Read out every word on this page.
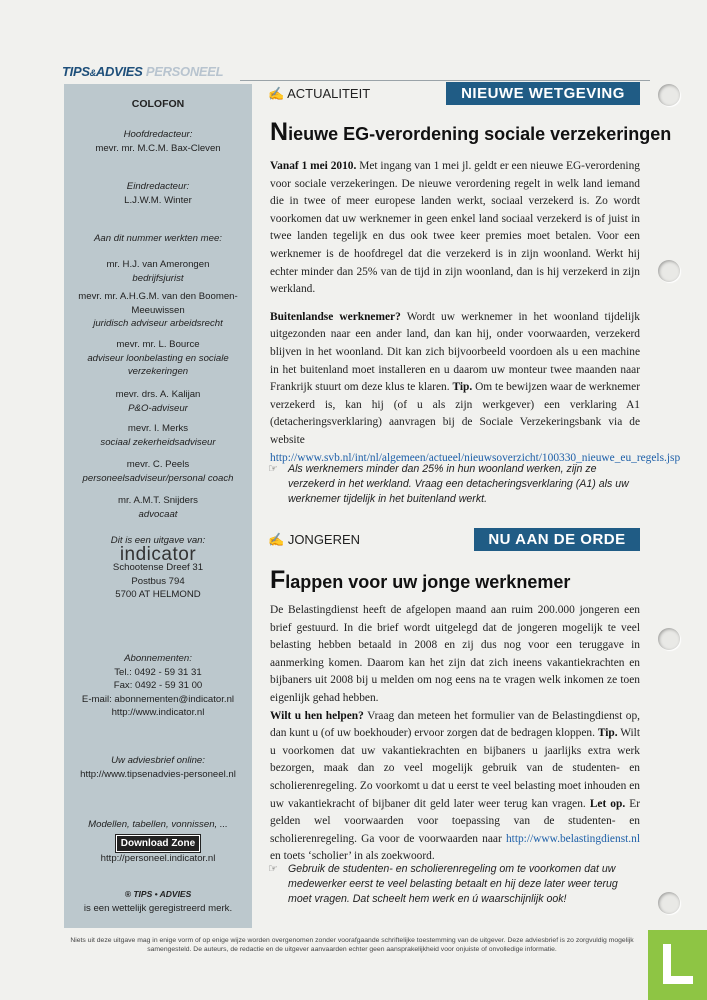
TIPS&ADVIES PERSONEEL
COLOFON
Hoofdredacteur:
mevr. mr. M.C.M. Bax-Cleven
Eindredacteur:
L.J.W.M. Winter
Aan dit nummer werkten mee:
mr. H.J. van Amerongen
bedrijfsjurist
mevr. mr. A.H.G.M. van den Boomen-Meeuwissen
juridisch adviseur arbeidsrecht
mevr. mr. L. Bource
adviseur loonbelasting en sociale verzekeringen
mevr. drs. A. Kalijan
P&O-adviseur
mevr. I. Merks
sociaal zekerheidsadviseur
mevr. C. Peels
personeelsadviseur/personal coach
mr. A.M.T. Snijders
advocaat
Dit is een uitgave van:
indicator
Schootense Dreef 31
Postbus 794
5700 AT HELMOND
Abonnementen:
Tel.: 0492 - 59 31 31
Fax: 0492 - 59 31 00
E-mail: abonnementen@indicator.nl
http://www.indicator.nl
Uw adviesbrief online:
http://www.tipsenadvies-personeel.nl
Modellen, tabellen, vonnissen, ...
Download Zone
http://personeel.indicator.nl
® TIPS • ADVIES
is een wettelijk geregistreerd merk.
✍ ACTUALITEIT	NIEUWE WETGEVING
Nieuwe EG-verordening sociale verzekeringen

Vanaf 1 mei 2010. Met ingang van 1 mei jl. geldt er een nieuwe EG-verordening voor sociale verzekeringen. De nieuwe verordening regelt in welk land iemand die in twee of meer europese landen werkt, sociaal verzekerd is. Zo wordt voorkomen dat uw werknemer in geen enkel land sociaal verzekerd is of juist in twee landen tegelijk en dus ook twee keer premies moet betalen. Voor een werknemer is de hoofdregel dat die verzekerd is in zijn woonland. Werkt hij echter minder dan 25% van de tijd in zijn woonland, dan is hij verzekerd in zijn werkland.

Buitenlandse werknemer? Wordt uw werknemer in het woonland tijdelijk uitgezonden naar een ander land, dan kan hij, onder voorwaarden, verzekerd blijven in het woonland. Dit kan zich bijvoorbeeld voordoen als u een machine in het buitenland moet installeren en u daarom uw monteur twee maanden naar Frankrijk stuurt om deze klus te klaren. Tip. Om te bewijzen waar de werknemer verzekerd is, kan hij (of u als zijn werkgever) een verklaring A1 (detacheringsverklaring) aanvragen bij de Sociale Verzekeringsbank via de website http://www.svb.nl/int/nl/algemeen/actueel/nieuwsoverzicht/100330_nieuwe_eu_regels.jsp

☞ Als werknemers minder dan 25% in hun woonland werken, zijn ze verzekerd in het werkland. Vraag een detacheringsverklaring (A1) als uw werknemer tijdelijk in het buitenland werkt.
✍ JONGEREN	NU AAN DE ORDE
Flappen voor uw jonge werknemer

De Belastingdienst heeft de afgelopen maand aan ruim 200.000 jongeren een brief gestuurd. In die brief wordt uitgelegd dat de jongeren mogelijk te veel belasting hebben betaald in 2008 en zij dus nog voor een teruggave in aanmerking komen. Daarom kan het zijn dat zich ineens vakantiekrachten en bijbaners uit 2008 bij u melden om nog eens na te vragen welk inkomen ze toen eigenlijk gehad hebben.

Wilt u hen helpen? Vraag dan meteen het formulier van de Belastingdienst op, dan kunt u (of uw boekhouder) ervoor zorgen dat de bedragen kloppen. Tip. Wilt u voorkomen dat uw vakantiekrachten en bijbaners u jaarlijks extra werk bezorgen, maak dan zo veel mogelijk gebruik van de studenten- en scholierenregeling. Zo voorkomt u dat u eerst te veel belasting moet inhouden en uw vakantiekracht of bijbaner dit geld later weer terug kan vragen. Let op. Er gelden wel voorwaarden voor toepassing van de studenten- en scholierenregeling. Ga voor de voorwaarden naar http://www.belastingdienst.nl en toets ‘scholier’ in als zoekwoord.

☞ Gebruik de studenten- en scholierenregeling om te voorkomen dat uw medewerker eerst te veel belasting betaalt en hij deze later weer terug moet vragen. Dat scheelt hem werk en ú waarschijnlijk ook!
Niets uit deze uitgave mag in enige vorm of op enige wijze worden overgenomen zonder voorafgaande schriftelijke toestemming van de uitgever. Deze adviesbrief is zo zorgvuldig mogelijk samengesteld. De auteurs, de redactie en de uitgever aanvaarden echter geen aansprakelijkheid voor onjuiste of onvolledige informatie.
